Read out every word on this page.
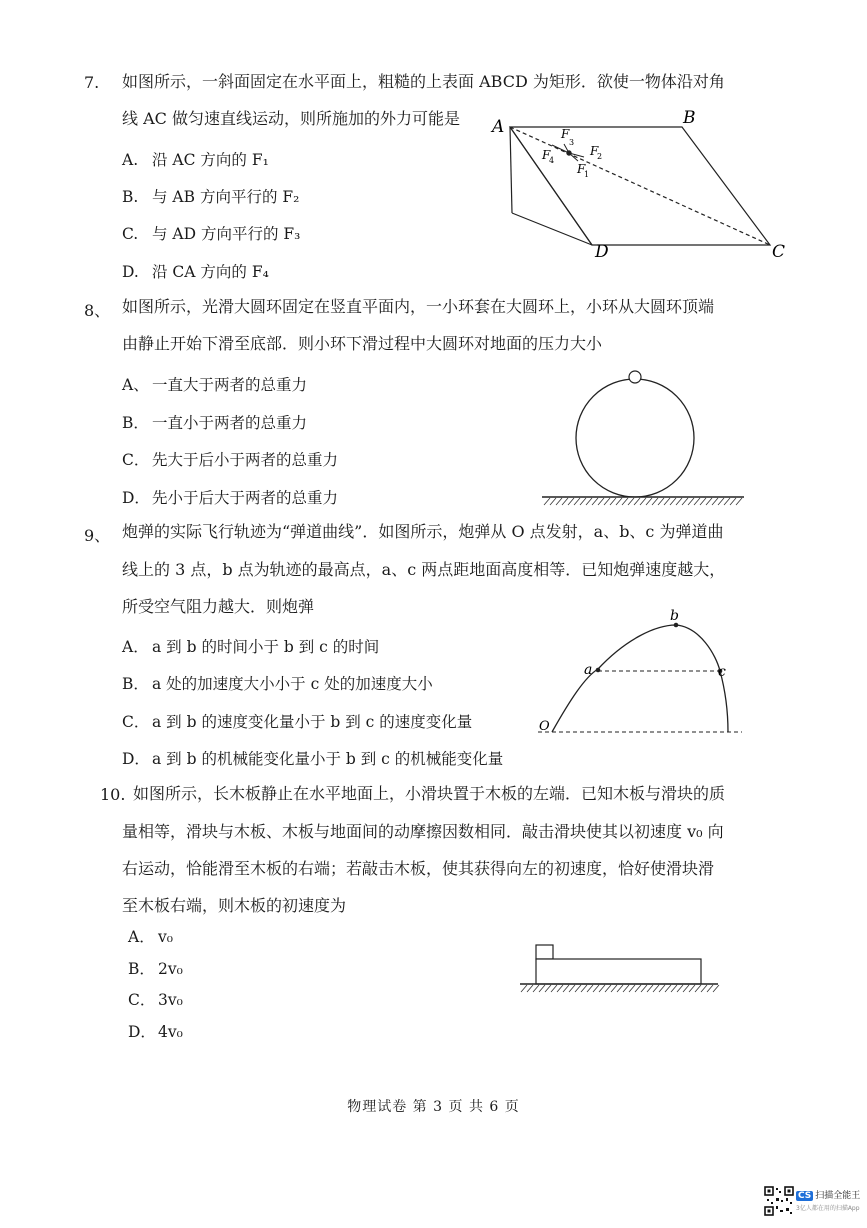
7. 如图所示，一斜面固定在水平面上，粗糙的上表面 ABCD 为矩形．欲使一物体沿对角
线 AC 做匀速直线运动，则所施加的外力可能是
A. 沿 AC 方向的 F₁
B. 与 AB 方向平行的 F₂
C. 与 AD 方向平行的 F₃
D. 沿 CA 方向的 F₄
A	B
C
D
F
3
F
4
F
2
F
1
8、 如图所示，光滑大圆环固定在竖直平面内，一小环套在大圆环上，小环从大圆环顶端
由静止开始下滑至底部．则小环下滑过程中大圆环对地面的压力大小
A、 一直大于两者的总重力
B． 一直小于两者的总重力
C． 先大于后小于两者的总重力
D． 先小于后大于两者的总重力
9、 炮弹的实际飞行轨迹为“弹道曲线”．如图所示，炮弹从 O 点发射，a、b、c 为弹道曲
线上的 3 点，b 点为轨迹的最高点，a、c 两点距地面高度相等．已知炮弹速度越大，
所受空气阻力越大．则炮弹
A． a 到 b 的时间小于 b 到 c 的时间
B． a 处的加速度大小小于 c 处的加速度大小
C． a 到 b 的速度变化量小于 b 到 c 的速度变化量
D． a 到 b 的机械能变化量小于 b 到 c 的机械能变化量
O
a
b
c
10. 如图所示，长木板静止在水平地面上，小滑块置于木板的左端．已知木板与滑块的质
量相等，滑块与木板、木板与地面间的动摩擦因数相同．敲击滑块使其以初速度 v₀ 向
右运动，恰能滑至木板的右端；若敲击木板，使其获得向左的初速度，恰好使滑块滑
至木板右端，则木板的初速度为
A． v₀
B． 2v₀
C． 3v₀
D． 4v₀
物理试卷 第 3 页 共 6 页
CS 扫描全能王
3亿人都在用的扫描App
